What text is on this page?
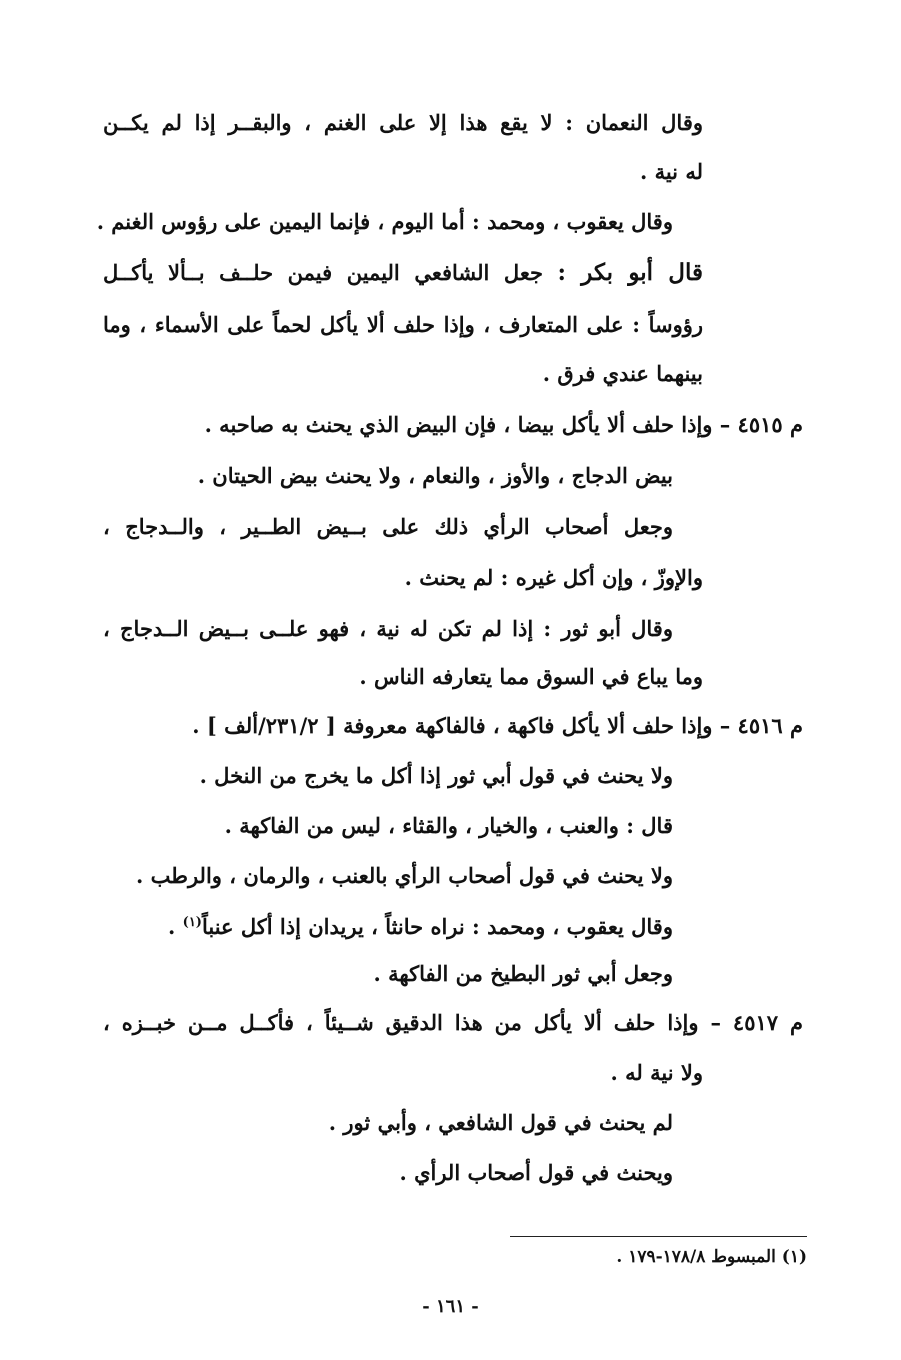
وقال النعمان : لا يقع هذا إلا على الغنم ، والبقــر إذا لم يكــن
له نية .
وقال يعقوب ، ومحمد : أما اليوم ، فإنما اليمين على رؤوس الغنم .
قال أبو بكر : جعل الشافعي اليمين فيمن حلــف بــألا يأكــل
رؤوساً : على المتعارف ، وإذا حلف ألا يأكل لحماً على الأسماء ، وما
بينهما عندي فرق .
م ٤٥١٥ – وإذا حلف ألا يأكل بيضا ، فإن البيض الذي يحنث به صاحبه .
بيض الدجاج ، والأوز ، والنعام ، ولا يحنث بيض الحيتان .
وجعل أصحاب الرأي ذلك على بــيض الطــير ، والــدجاج ،
والإوزّ ، وإن أكل غيره : لم يحنث .
وقال أبو ثور : إذا لم تكن له نية ، فهو علــى بــيض الــدجاج ،
وما يباع في السوق مما يتعارفه الناس .
م ٤٥١٦ – وإذا حلف ألا يأكل فاكهة ، فالفاكهة معروفة [ ٢٣١/٢/ألف ] .
ولا يحنث في قول أبي ثور إذا أكل ما يخرج من النخل .
قال : والعنب ، والخيار ، والقثاء ، ليس من الفاكهة .
ولا يحنث في قول أصحاب الرأي بالعنب ، والرمان ، والرطب .
وقال يعقوب ، ومحمد : نراه حانثاً ، يريدان إذا أكل عنباً$^{(١)}$ .
وجعل أبي ثور البطيخ من الفاكهة .
م ٤٥١٧ – وإذا حلف ألا يأكل من هذا الدقيق شــيئاً ، فأكــل مــن خبــزه ،
ولا نية له .
لم يحنث في قول الشافعي ، وأبي ثور .
ويحنث في قول أصحاب الرأي .
(١) المبسوط ١٧٨/٨-١٧٩ .
- ١٦١ -
